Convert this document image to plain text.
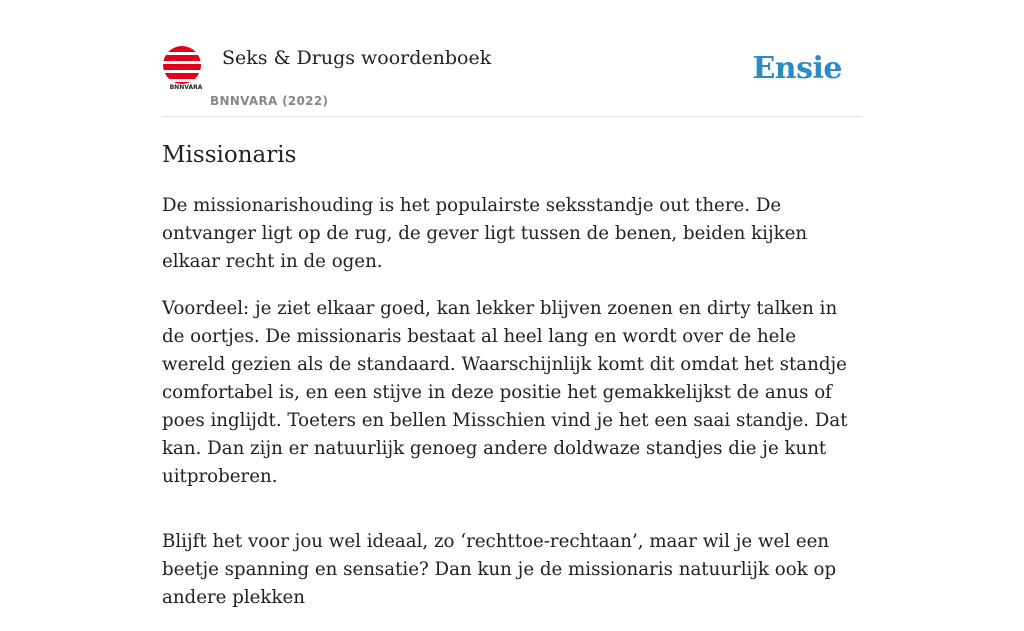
BNNVARA
Seks & Drugs woordenboek
BNNVARA (2022)
Ensie
Missionaris

De missionarishouding is het populairste seksstandje out there. De ontvanger ligt op de rug, de gever ligt tussen de benen, beiden kijken elkaar recht in de ogen.

Voordeel: je ziet elkaar goed, kan lekker blijven zoenen en dirty talken in de oortjes. De missionaris bestaat al heel lang en wordt over de hele wereld gezien als de standaard. Waarschijnlijk komt dit omdat het standje comfortabel is, en een stijve in deze positie het gemakkelijkst de anus of poes inglijdt. Toeters en bellen Misschien vind je het een saai standje. Dat kan. Dan zijn er natuurlijk genoeg andere doldwaze standjes die je kunt uitproberen.

Blijft het voor jou wel ideaal, zo ‘rechttoe-rechtaan’, maar wil je wel een beetje spanning en sensatie? Dan kun je de missionaris natuurlijk ook op andere plekken
